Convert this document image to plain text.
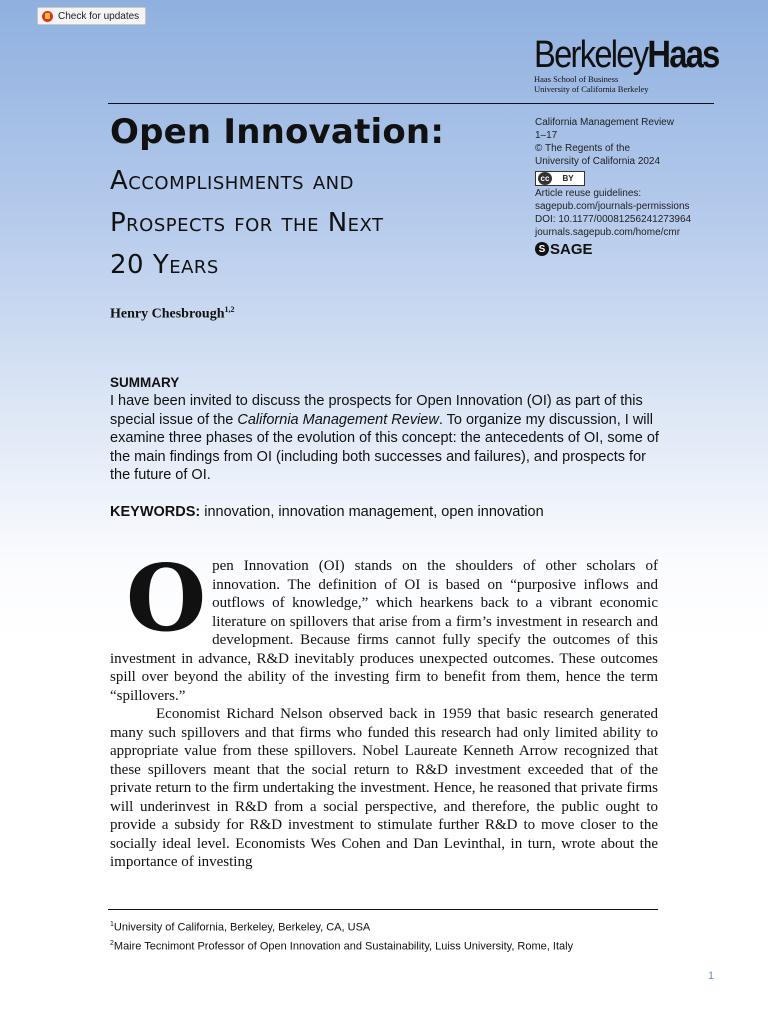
Check for updates
BerkeleyHaas
Haas School of Business
University of California Berkeley
Open Innovation:
Accomplishments and
Prospects for the Next
20 Years
California Management Review
1–17
© The Regents of the
University of California 2024
cc	BY
Article reuse guidelines:
sagepub.com/journals-permissions
DOI: 10.1177/00081256241273964
journals.sagepub.com/home/cmr
S SAGE
Henry Chesbrough$^{1,2}$
SUMMARY
I have been invited to discuss the prospects for Open Innovation (OI) as part of this special issue of the California Management Review. To organize my discussion, I will examine three phases of the evolution of this concept: the antecedents of OI, some of the main findings from OI (including both successes and failures), and prospects for the future of OI.
KEYWORDS: innovation, innovation management, open innovation

Open Innovation (OI) stands on the shoulders of other scholars of innovation. The definition of OI is based on “purposive inflows and outflows of knowledge,” which hearkens back to a vibrant economic literature on spillovers that arise from a firm’s investment in research and development. Because firms cannot fully specify the outcomes of this investment in advance, R&D inevitably produces unexpected outcomes. These outcomes spill over beyond the ability of the investing firm to benefit from them, hence the term “spillovers.”

Economist Richard Nelson observed back in 1959 that basic research generated many such spillovers and that firms who funded this research had only limited ability to appropriate value from these spillovers. Nobel Laureate Kenneth Arrow recognized that these spillovers meant that the social return to R&D investment exceeded that of the private return to the firm undertaking the investment. Hence, he reasoned that private firms will underinvest in R&D from a social perspective, and therefore, the public ought to provide a subsidy for R&D investment to stimulate further R&D to move closer to the socially ideal level. Economists Wes Cohen and Dan Levinthal, in turn, wrote about the importance of investing

$^1$University of California, Berkeley, Berkeley, CA, USA
$^2$Maire Tecnimont Professor of Open Innovation and Sustainability, Luiss University, Rome, Italy
1
